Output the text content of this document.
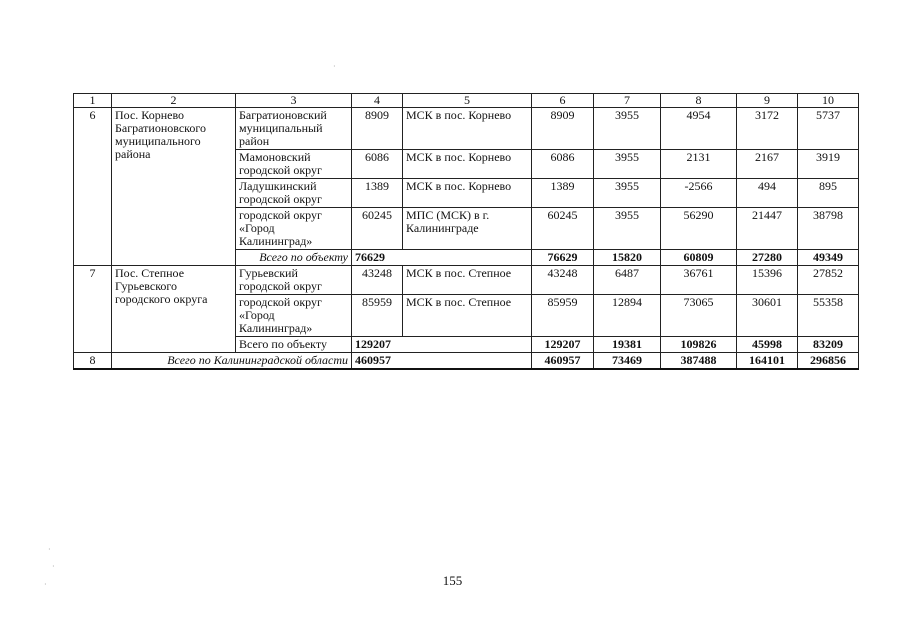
1	2	3	4	5	6	7	8	9	10
6	Пос. Корнево Багратионовского муниципального района	Багратионовский муниципальный район	8909	МСК в пос. Корнево	8909	3955	4954	3172	5737
		Мамоновский городской округ	6086	МСК в пос. Корнево	6086	3955	2131	2167	3919
		Ладушкинский городской округ	1389	МСК в пос. Корнево	1389	3955	-2566	494	895
		городской округ «Город Калининград»	60245	МПС (МСК) в г. Калининграде	60245	3955	56290	21447	38798
		Всего по объекту	76629		76629	15820	60809	27280	49349
7	Пос. Степное Гурьевского городского округа	Гурьевский городской округ	43248	МСК в пос. Степное	43248	6487	36761	15396	27852
		городской округ «Город Калининград»	85959	МСК в пос. Степное	85959	12894	73065	30601	55358
		Всего по объекту	129207		129207	19381	109826	45998	83209
8	Всего по Калининградской области		460957		460957	73469	387488	164101	296856
155
·
·
·
·
